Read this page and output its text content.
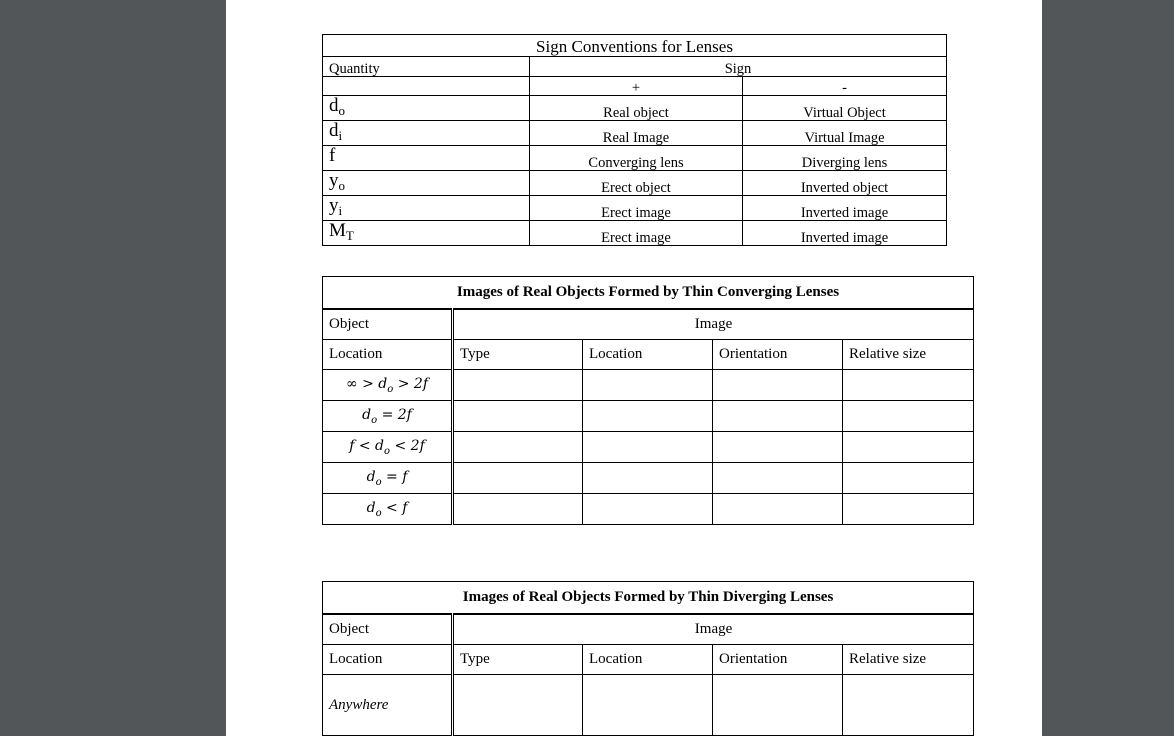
Sign Conventions for Lenses		
Quantity	Sign	
	+	-
$d_o$	Real object	Virtual Object
$d_i$	Real Image	Virtual Image
f	Converging lens	Diverging lens
$y_o$	Erect object	Inverted object
$y_i$	Erect image	Inverted image
$M_T$	Erect image	Inverted image
Images of Real Objects Formed by Thin Converging Lenses				
Object	Image			
Location	Type	Location	Orientation	Relative size
∞ > $d_o > 2f$				
$d_o = 2f$				
$f < d_o < 2f$				
$d_o = f$				
$d_o < f$				
Images of Real Objects Formed by Thin Diverging Lenses				
Object	Image			
Location	Type	Location	Orientation	Relative size
Anywhere				
